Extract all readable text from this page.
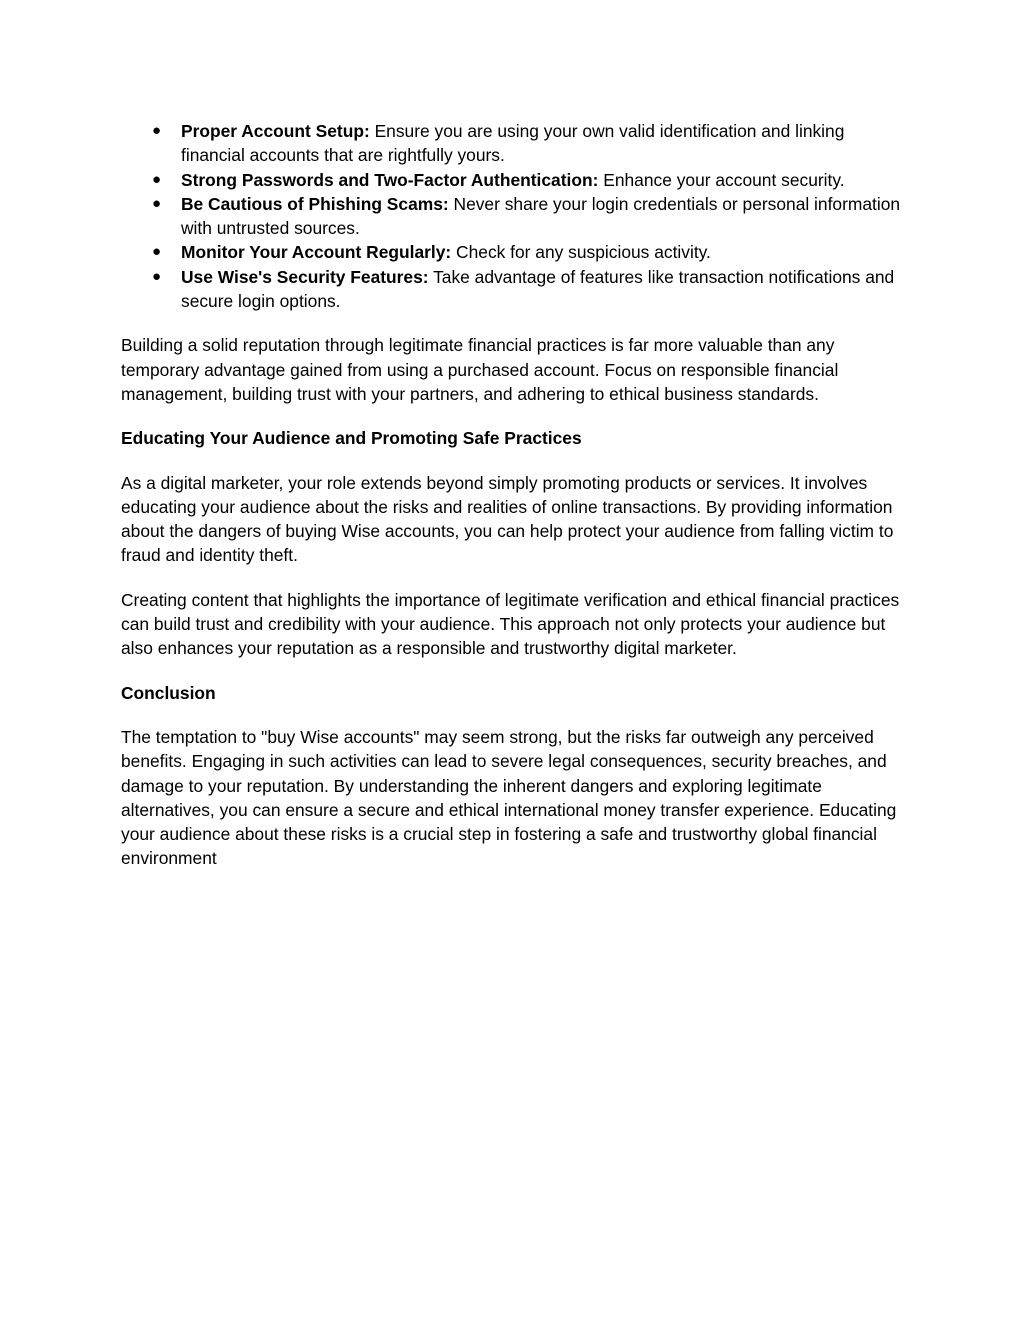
● Proper Account Setup: Ensure you are using your own valid identification and linking financial accounts that are rightfully yours.
● Strong Passwords and Two-Factor Authentication: Enhance your account security.
● Be Cautious of Phishing Scams: Never share your login credentials or personal information with untrusted sources.
● Monitor Your Account Regularly: Check for any suspicious activity.
● Use Wise's Security Features: Take advantage of features like transaction notifications and secure login options.

Building a solid reputation through legitimate financial practices is far more valuable than any temporary advantage gained from using a purchased account. Focus on responsible financial management, building trust with your partners, and adhering to ethical business standards.

Educating Your Audience and Promoting Safe Practices

As a digital marketer, your role extends beyond simply promoting products or services. It involves educating your audience about the risks and realities of online transactions. By providing information about the dangers of buying Wise accounts, you can help protect your audience from falling victim to fraud and identity theft.

Creating content that highlights the importance of legitimate verification and ethical financial practices can build trust and credibility with your audience. This approach not only protects your audience but also enhances your reputation as a responsible and trustworthy digital marketer.

Conclusion

The temptation to "buy Wise accounts" may seem strong, but the risks far outweigh any perceived benefits. Engaging in such activities can lead to severe legal consequences, security breaches, and damage to your reputation. By understanding the inherent dangers and exploring legitimate alternatives, you can ensure a secure and ethical international money transfer experience. Educating your audience about these risks is a crucial step in fostering a safe and trustworthy global financial environment
